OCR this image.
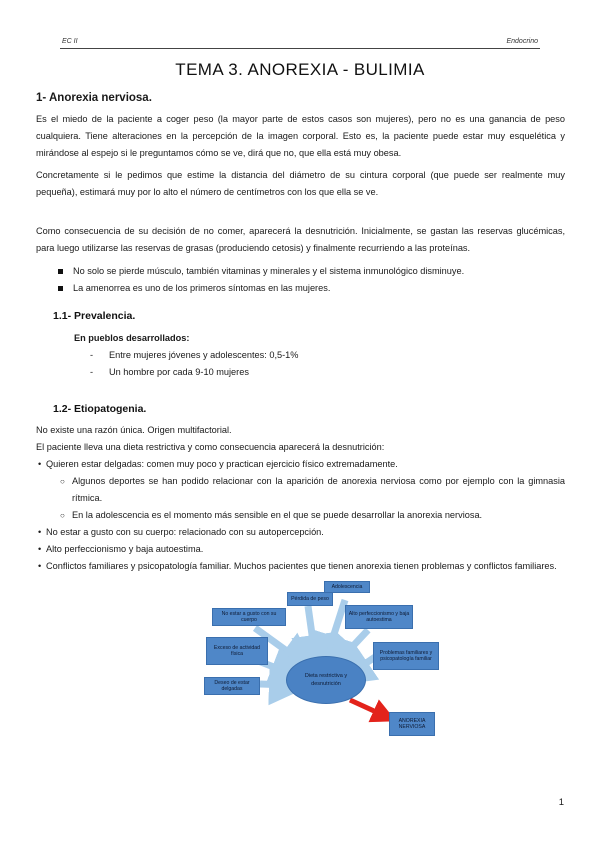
EC II	Endocrino
TEMA 3. ANOREXIA - BULIMIA
1- Anorexia nerviosa.

Es el miedo de la paciente a coger peso (la mayor parte de estos casos son mujeres), pero no es una ganancia de peso cualquiera. Tiene alteraciones en la percepción de la imagen corporal. Esto es, la paciente puede estar muy esquelética y mirándose al espejo si le preguntamos cómo se ve, dirá que no, que ella está muy obesa.

Concretamente si le pedimos que estime la distancia del diámetro de su cintura corporal (que puede ser realmente muy pequeña), estimará muy por lo alto el número de centímetros con los que ella se ve.

Como consecuencia de su decisión de no comer, aparecerá la desnutrición. Inicialmente, se gastan las reservas glucémicas, para luego utilizarse las reservas de grasas (produciendo cetosis) y finalmente recurriendo a las proteínas.

No solo se pierde músculo, también vitaminas y minerales y el sistema inmunológico disminuye.
La amenorrea es uno de los primeros síntomas en las mujeres.
1.1- Prevalencia.
En pueblos desarrollados:
- Entre mujeres jóvenes y adolescentes: 0,5-1%
- Un hombre por cada 9-10 mujeres
1.2- Etiopatogenia.

No existe una razón única. Origen multifactorial.

El paciente lleva una dieta restrictiva y como consecuencia aparecerá la desnutrición:

• Quieren estar delgadas: comen muy poco y practican ejercicio físico extremadamente.
○ Algunos deportes se han podido relacionar con la aparición de anorexia nerviosa como por ejemplo con la gimnasia rítmica.
○ En la adolescencia es el momento más sensible en el que se puede desarrollar la anorexia nerviosa.
• No estar a gusto con su cuerpo: relacionado con su autopercepción.
• Alto perfeccionismo y baja autoestima.
• Conflictos familiares y psicopatología familiar. Muchos pacientes que tienen anorexia tienen problemas y conflictos familiares.
Adolescencia
Pérdida de peso
No estar a gusto con su cuerpo
Alto perfeccionismo y baja autoestima
Exceso de actividad física	Problemas familiares y psicopatología familiar
Deseo de estar delgadas
Dieta restrictiva y desnutrición
ANOREXIA NERVIOSA
1
